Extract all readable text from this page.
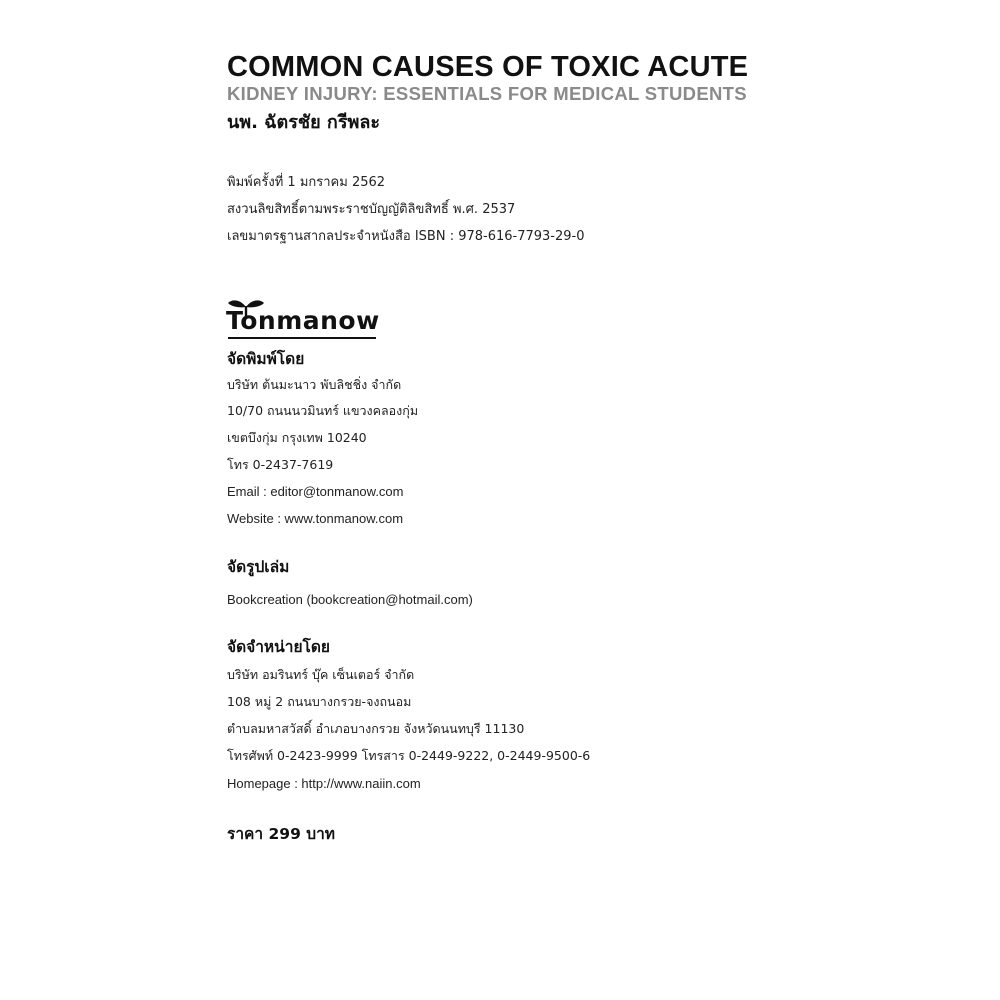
COMMON CAUSES OF TOXIC ACUTE
KIDNEY INJURY: ESSENTIALS FOR MEDICAL STUDENTS
นพ. ฉัตรชัย กรีพละ
พิมพ์ครั้งที่ 1 มกราคม 2562
สงวนลิขสิทธิ์ตามพระราชบัญญัติลิขสิทธิ์ พ.ศ. 2537
เลขมาตรฐานสากลประจำหนังสือ ISBN : 978-616-7793-29-0
Tonmanow
จัดพิมพ์โดย
บริษัท ต้นมะนาว พับลิชชิ่ง จำกัด
10/70 ถนนนวมินทร์ แขวงคลองกุ่ม
เขตบึงกุ่ม กรุงเทพ 10240
โทร 0-2437-7619
Email : editor@tonmanow.com
Website : www.tonmanow.com
จัดรูปเล่ม
Bookcreation (bookcreation@hotmail.com)
จัดจำหน่ายโดย
บริษัท อมรินทร์ บุ๊ค เซ็นเตอร์ จำกัด
108 หมู่ 2 ถนนบางกรวย-จงถนอม
ตำบลมหาสวัสดิ์ อำเภอบางกรวย จังหวัดนนทบุรี 11130
โทรศัพท์ 0-2423-9999 โทรสาร 0-2449-9222, 0-2449-9500-6
Homepage : http://www.naiin.com
ราคา 299 บาท
